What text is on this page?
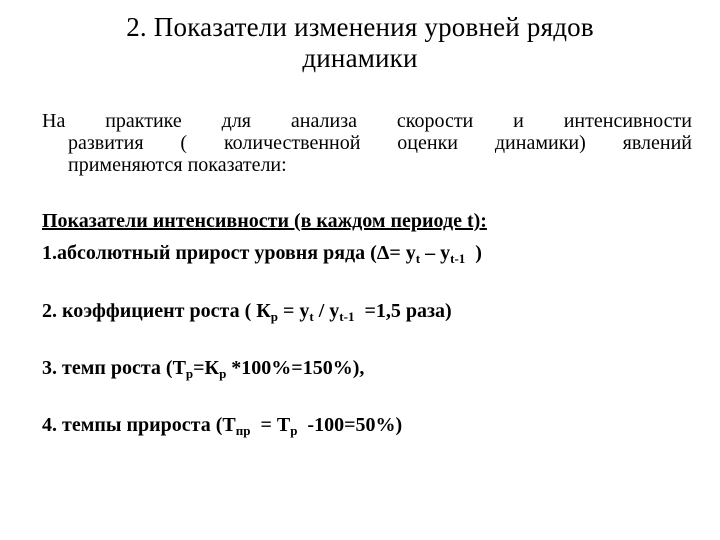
2. Показатели изменения уровней рядов
динамики
На практике для анализа скорости и интенсивности
развития ( количественной оценки динамики) явлений
применяются показатели:
Показатели интенсивности (в каждом периоде t):
1.абсолютный прирост уровня ряда ($\Delta= y_t - y_{t-1}$  )
2. коэффициент роста ( $К_р = y_t / y_{t-1} =1,5$ раза)
3. темп роста ($Т_р=К_р$ *100%=150%),
4. темпы прироста ($Т_{пр} = Т_р$  -100=50%)
